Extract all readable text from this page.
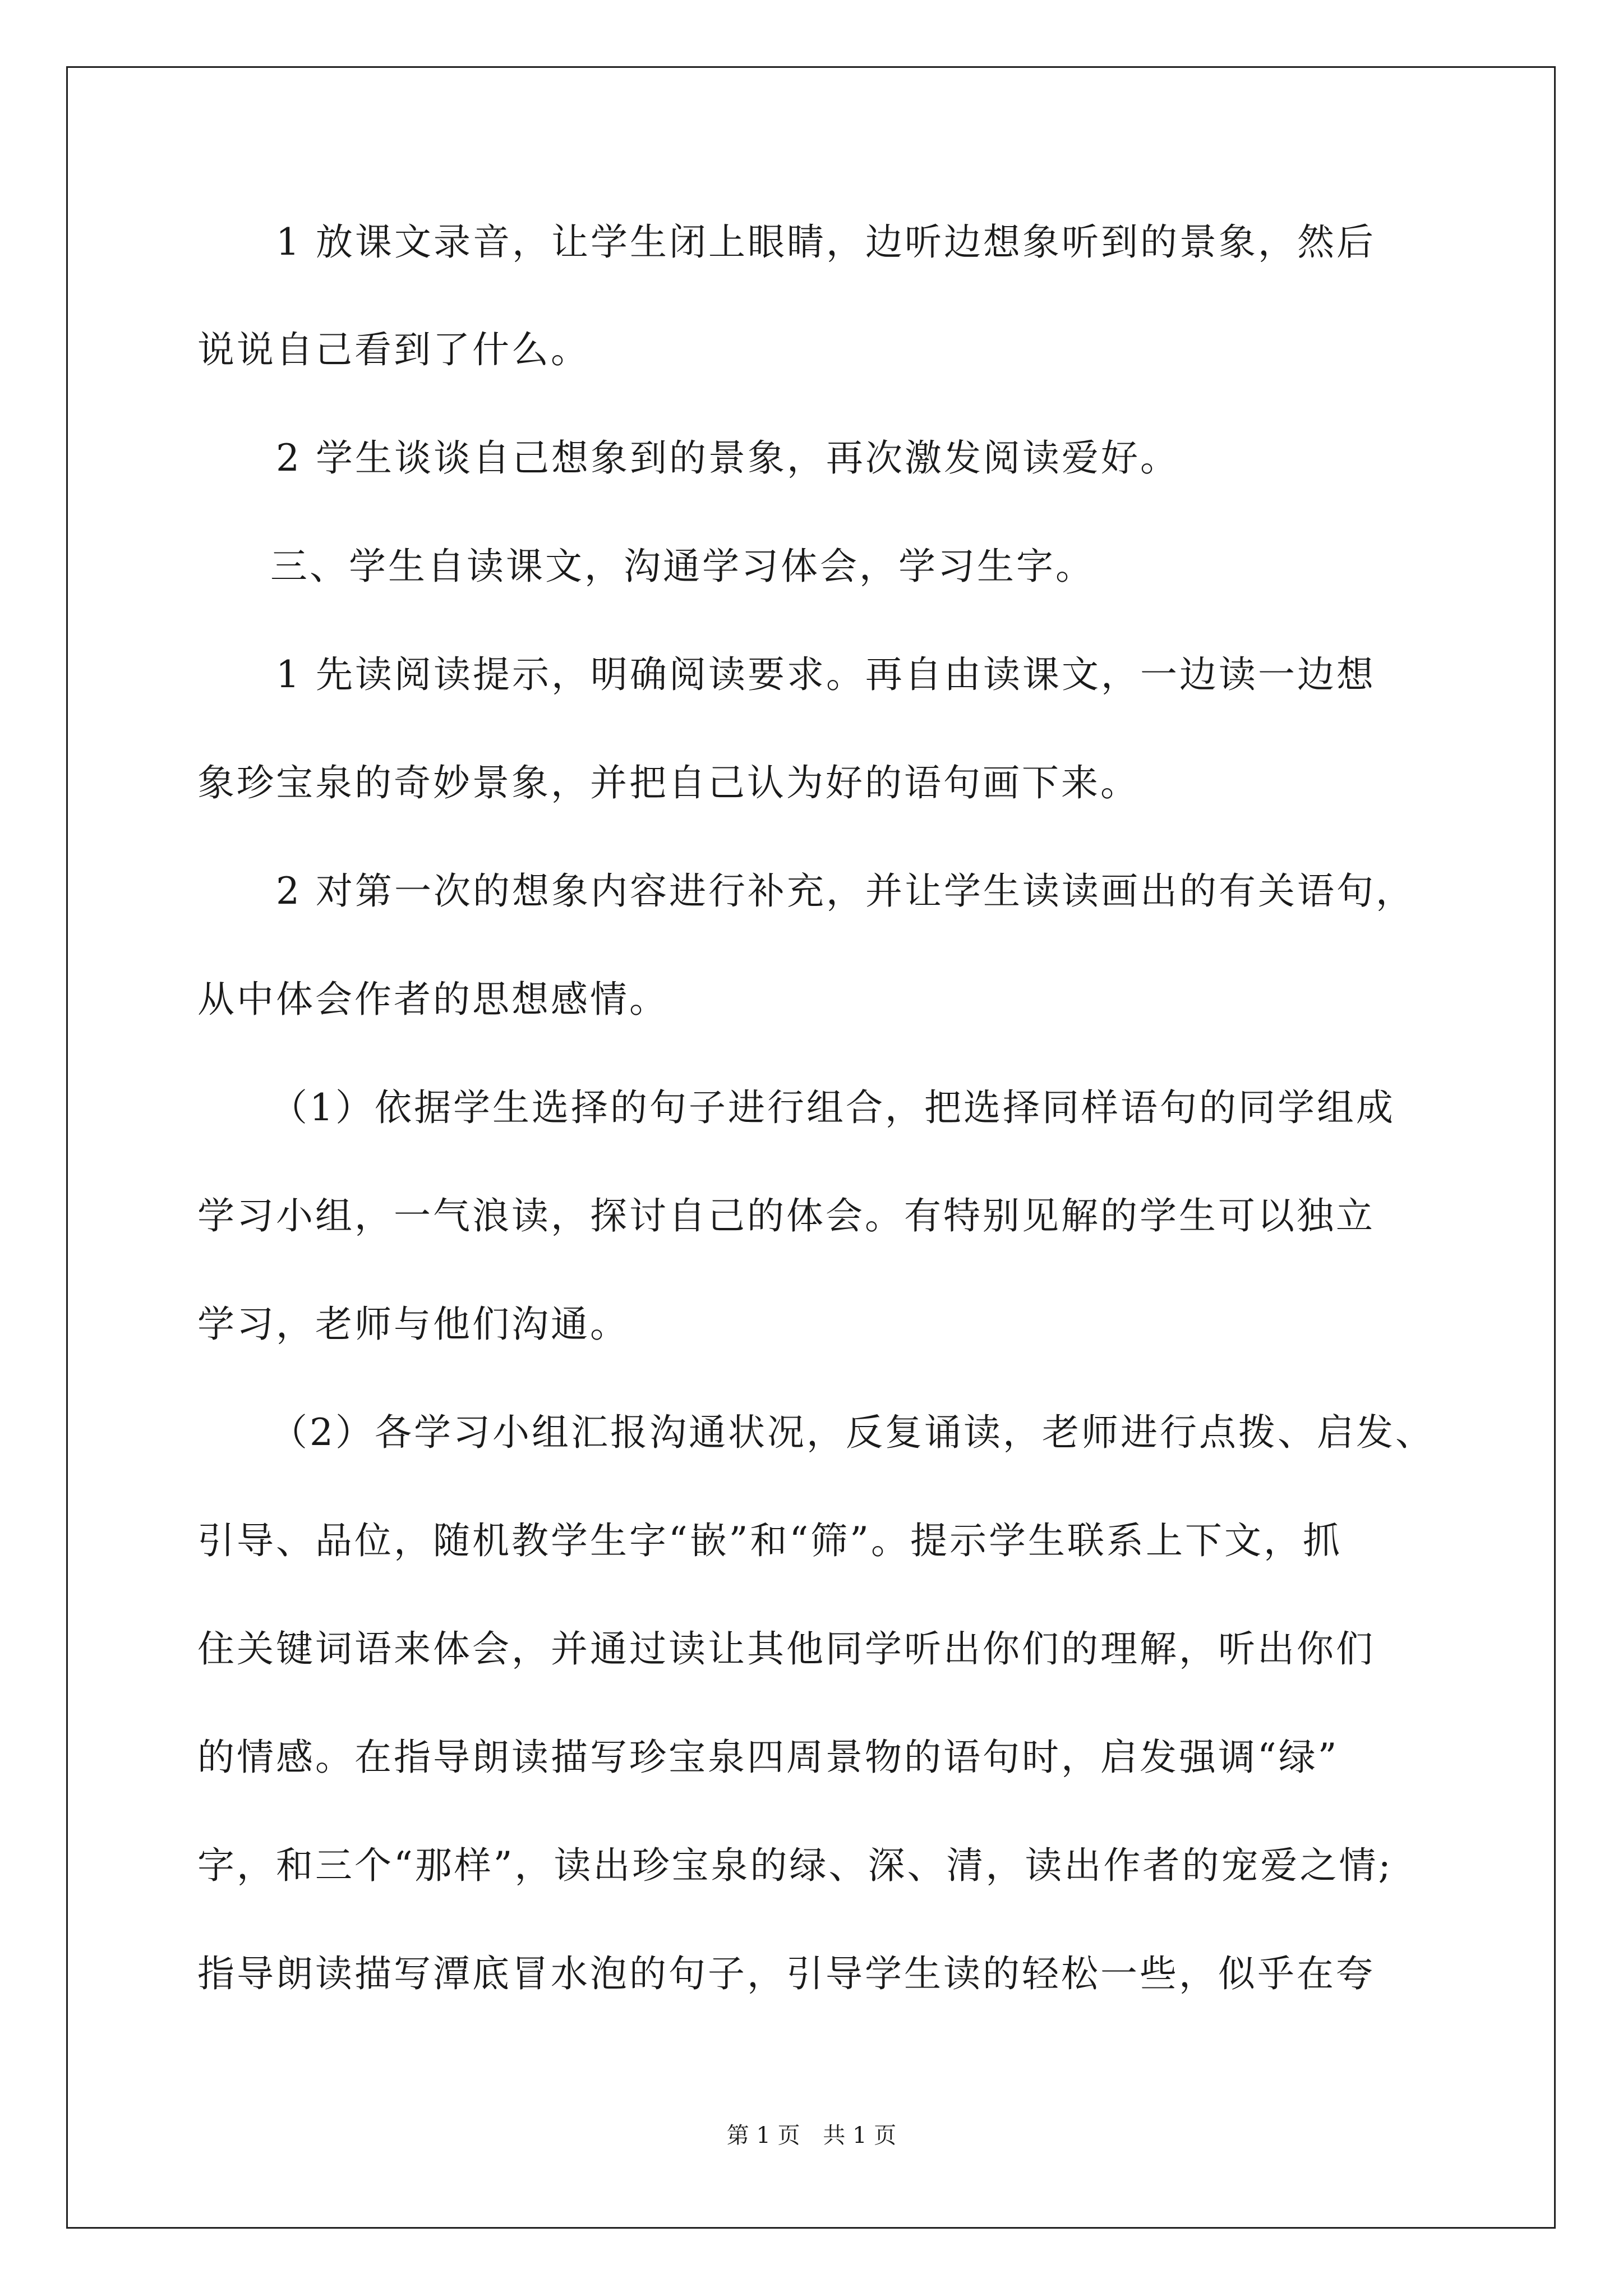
1 放课文录音，让学生闭上眼睛，边听边想象听到的景象，然后
说说自己看到了什么。
2 学生谈谈自己想象到的景象，再次激发阅读爱好。
三、学生自读课文，沟通学习体会，学习生字。
1 先读阅读提示，明确阅读要求。再自由读课文，一边读一边想
象珍宝泉的奇妙景象，并把自己认为好的语句画下来。
2 对第一次的想象内容进行补充，并让学生读读画出的有关语句，
从中体会作者的思想感情。
（1）依据学生选择的句子进行组合，把选择同样语句的同学组成
学习小组，一气浪读，探讨自己的体会。有特别见解的学生可以独立
学习，老师与他们沟通。
（2）各学习小组汇报沟通状况，反复诵读，老师进行点拨、启发、
引导、品位，随机教学生字“嵌”和“筛”。提示学生联系上下文，抓
住关键词语来体会，并通过读让其他同学听出你们的理解，听出你们
的情感。在指导朗读描写珍宝泉四周景物的语句时，启发强调“绿”
字，和三个“那样”，读出珍宝泉的绿、深、清，读出作者的宠爱之情;
指导朗读描写潭底冒水泡的句子，引导学生读的轻松一些，似乎在夸
第 1 页 共 1 页
